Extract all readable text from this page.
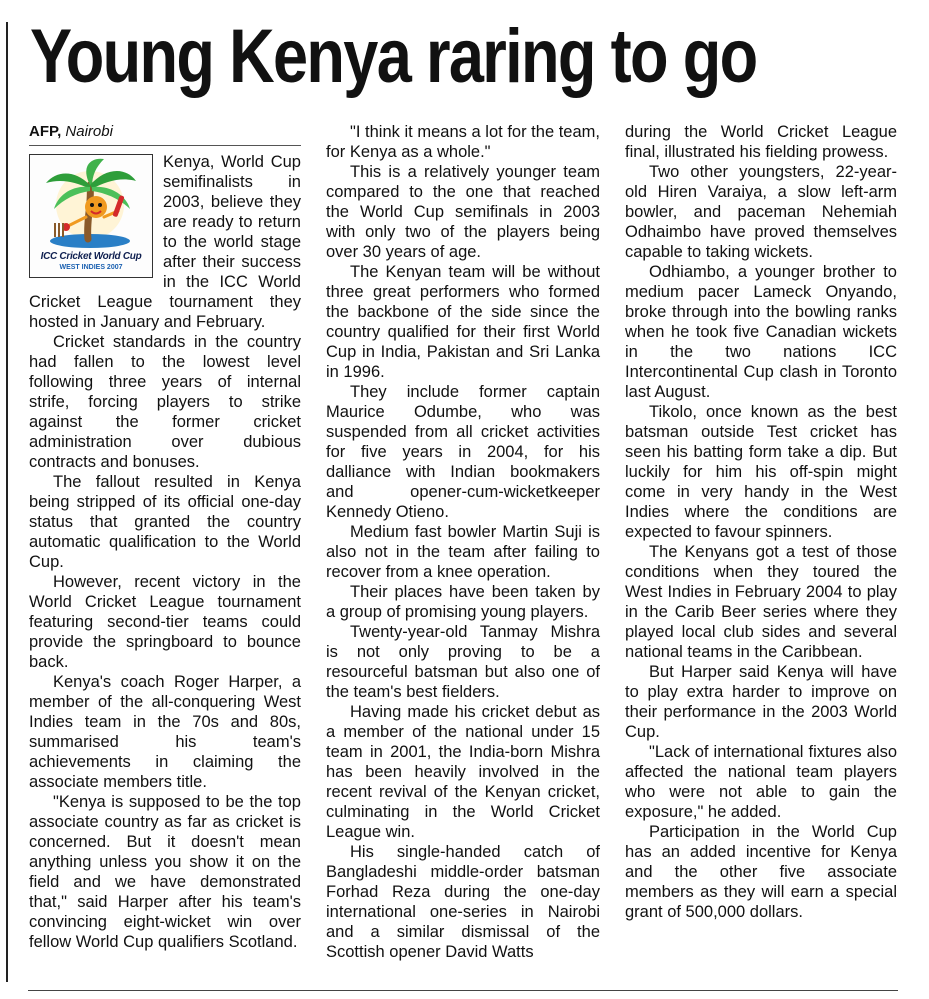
Young Kenya raring to go
AFP, Nairobi
ICC Cricket World Cup
WEST INDIES 2007

Kenya, World Cup semifinalists in 2003, believe they are ready to return to the world stage after their success in the ICC World Cricket League tournament they hosted in January and February.

Cricket standards in the country had fallen to the lowest level following three years of internal strife, forcing players to strike against the former cricket administration over dubious contracts and bonuses.

The fallout resulted in Kenya being stripped of its official one-day status that granted the country automatic qualification to the World Cup.

However, recent victory in the World Cricket League tournament featuring second-tier teams could provide the springboard to bounce back.

Kenya's coach Roger Harper, a member of the all-conquering West Indies team in the 70s and 80s, summarised his team's achievements in claiming the associate members title.

"Kenya is supposed to be the top associate country as far as cricket is concerned. But it doesn't mean anything unless you show it on the field and we have demonstrated that," said Harper after his team's convincing eight-wicket win over fellow World Cup qualifiers Scotland.

"I think it means a lot for the team, for Kenya as a whole."

This is a relatively younger team compared to the one that reached the World Cup semifinals in 2003 with only two of the players being over 30 years of age.

The Kenyan team will be without three great performers who formed the backbone of the side since the country qualified for their first World Cup in India, Pakistan and Sri Lanka in 1996.

They include former captain Maurice Odumbe, who was suspended from all cricket activities for five years in 2004, for his dalliance with Indian bookmakers and opener-cum-wicketkeeper Kennedy Otieno.

Medium fast bowler Martin Suji is also not in the team after failing to recover from a knee operation.

Their places have been taken by a group of promising young players.

Twenty-year-old Tanmay Mishra is not only proving to be a resourceful batsman but also one of the team's best fielders.

Having made his cricket debut as a member of the national under 15 team in 2001, the India-born Mishra has been heavily involved in the recent revival of the Kenyan cricket, culminating in the World Cricket League win.

His single-handed catch of Bangladeshi middle-order batsman Forhad Reza during the one-day international one-series in Nairobi and a similar dismissal of the Scottish opener David Watts

during the World Cricket League final, illustrated his fielding prowess.

Two other youngsters, 22-year-old Hiren Varaiya, a slow left-arm bowler, and paceman Nehemiah Odhaimbo have proved themselves capable to taking wickets.

Odhiambo, a younger brother to medium pacer Lameck Onyando, broke through into the bowling ranks when he took five Canadian wickets in the two nations ICC Intercontinental Cup clash in Toronto last August.

Tikolo, once known as the best batsman outside Test cricket has seen his batting form take a dip. But luckily for him his off-spin might come in very handy in the West Indies where the conditions are expected to favour spinners.

The Kenyans got a test of those conditions when they toured the West Indies in February 2004 to play in the Carib Beer series where they played local club sides and several national teams in the Caribbean.

But Harper said Kenya will have to play extra harder to improve on their performance in the 2003 World Cup.

"Lack of international fixtures also affected the national team players who were not able to gain the exposure," he added.

Participation in the World Cup has an added incentive for Kenya and the other five associate members as they will earn a special grant of 500,000 dollars.
